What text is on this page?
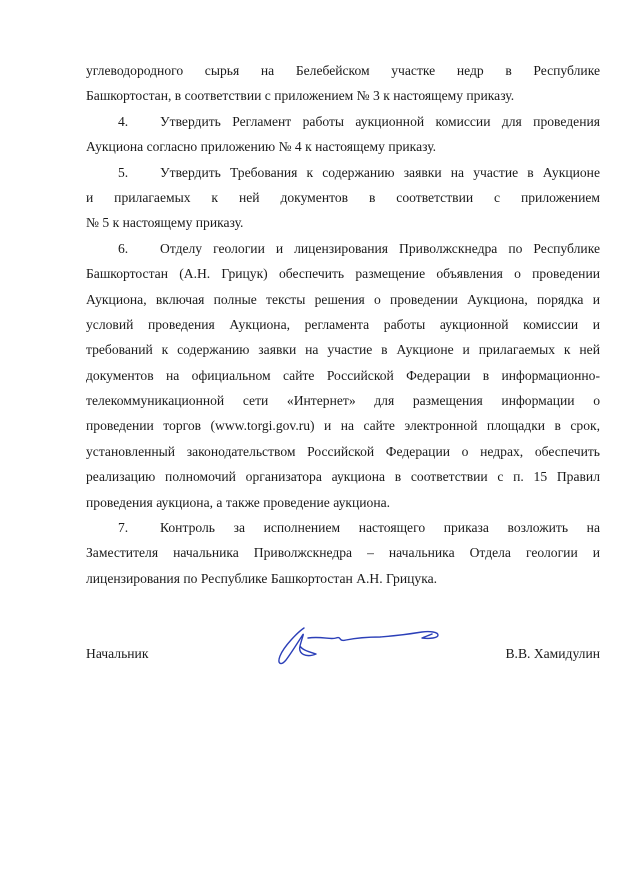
углеводородного сырья на Белебейском участке недр в Республике
Башкортостан, в соответствии с приложением № 3 к настоящему приказу.
4. Утвердить Регламент работы аукционной комиссии для проведения
Аукциона согласно приложению № 4 к настоящему приказу.
5. Утвердить Требования к содержанию заявки на участие в Аукционе
и прилагаемых к ней документов в соответствии с приложением
№ 5 к настоящему приказу.
6. Отделу геологии и лицензирования Приволжскнедра по Республике
Башкортостан (А.Н. Грицук) обеспечить размещение объявления о проведении
Аукциона, включая полные тексты решения о проведении Аукциона, порядка и
условий проведения Аукциона, регламента работы аукционной комиссии и
требований к содержанию заявки на участие в Аукционе и прилагаемых к ней
документов на официальном сайте Российской Федерации в информационно-
телекоммуникационной сети «Интернет» для размещения информации о
проведении торгов (www.torgi.gov.ru) и на сайте электронной площадки в срок,
установленный законодательством Российской Федерации о недрах, обеспечить
реализацию полномочий организатора аукциона в соответствии с п. 15 Правил
проведения аукциона, а также проведение аукциона.
7. Контроль за исполнением настоящего приказа возложить на
Заместителя начальника Приволжскнедра – начальника Отдела геологии и
лицензирования по Республике Башкортостан А.Н. Грицука.
Начальник	В.В. Хамидулин
